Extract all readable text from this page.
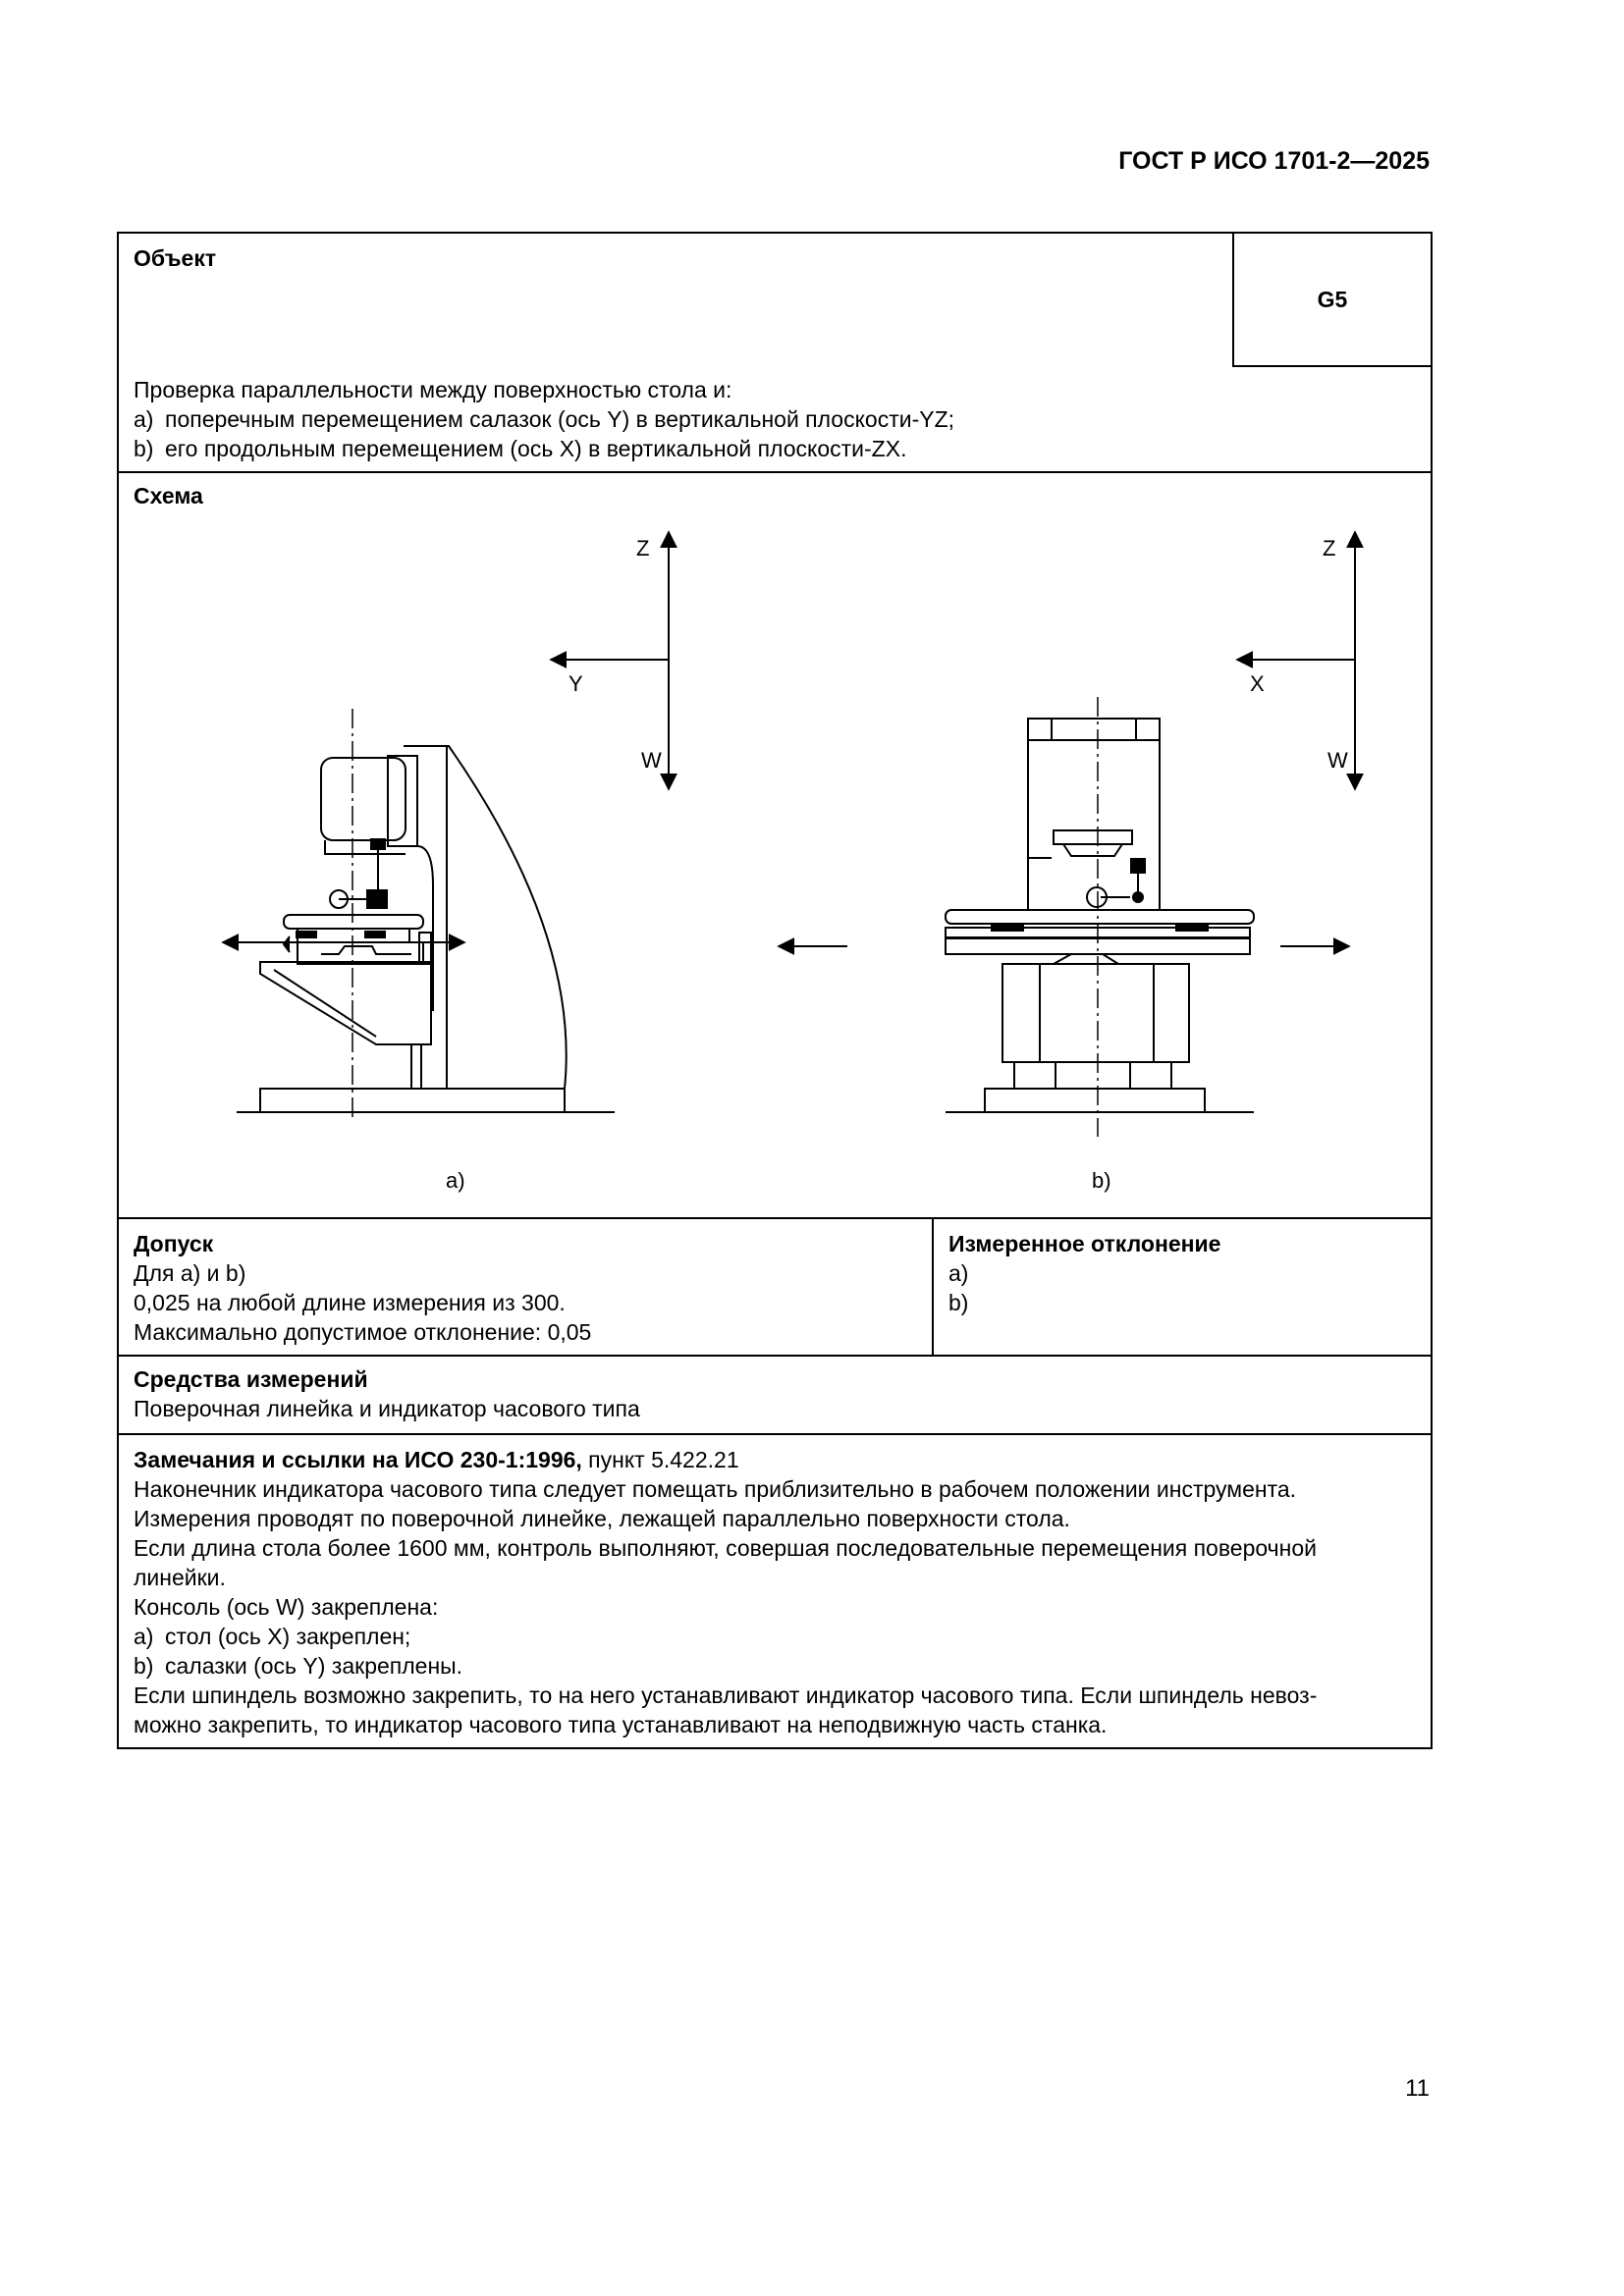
ГОСТ Р ИСО 1701-2—2025
Объект
G5
Проверка параллельности между поверхностью стола и:
a) поперечным перемещением салазок (ось Y) в вертикальной плоскости-YZ;
b) его продольным перемещением (ось X) в вертикальной плоскости-ZX.
Z
Y
W
Z
X
W
a)	b)
Схема
Допуск
Для a) и b)
0,025 на любой длине измерения из 300.
Максимально допустимое отклонение: 0,05
Измеренное отклонение
a)
b)
Средства измерений
Поверочная линейка и индикатор часового типа
Замечания и ссылки на ИСО 230-1:1996, пункт 5.422.21
Наконечник индикатора часового типа следует помещать приблизительно в рабочем положении инструмента.
Измерения проводят по поверочной линейке, лежащей параллельно поверхности стола.
Если длина стола более 1600 мм, контроль выполняют, совершая последовательные перемещения поверочной
линейки.
Консоль (ось W) закреплена:
a) стол (ось X) закреплен;
b) салазки (ось Y) закреплены.
Если шпиндель возможно закрепить, то на него устанавливают индикатор часового типа. Если шпиндель невоз-
можно закрепить, то индикатор часового типа устанавливают на неподвижную часть станка.
11
